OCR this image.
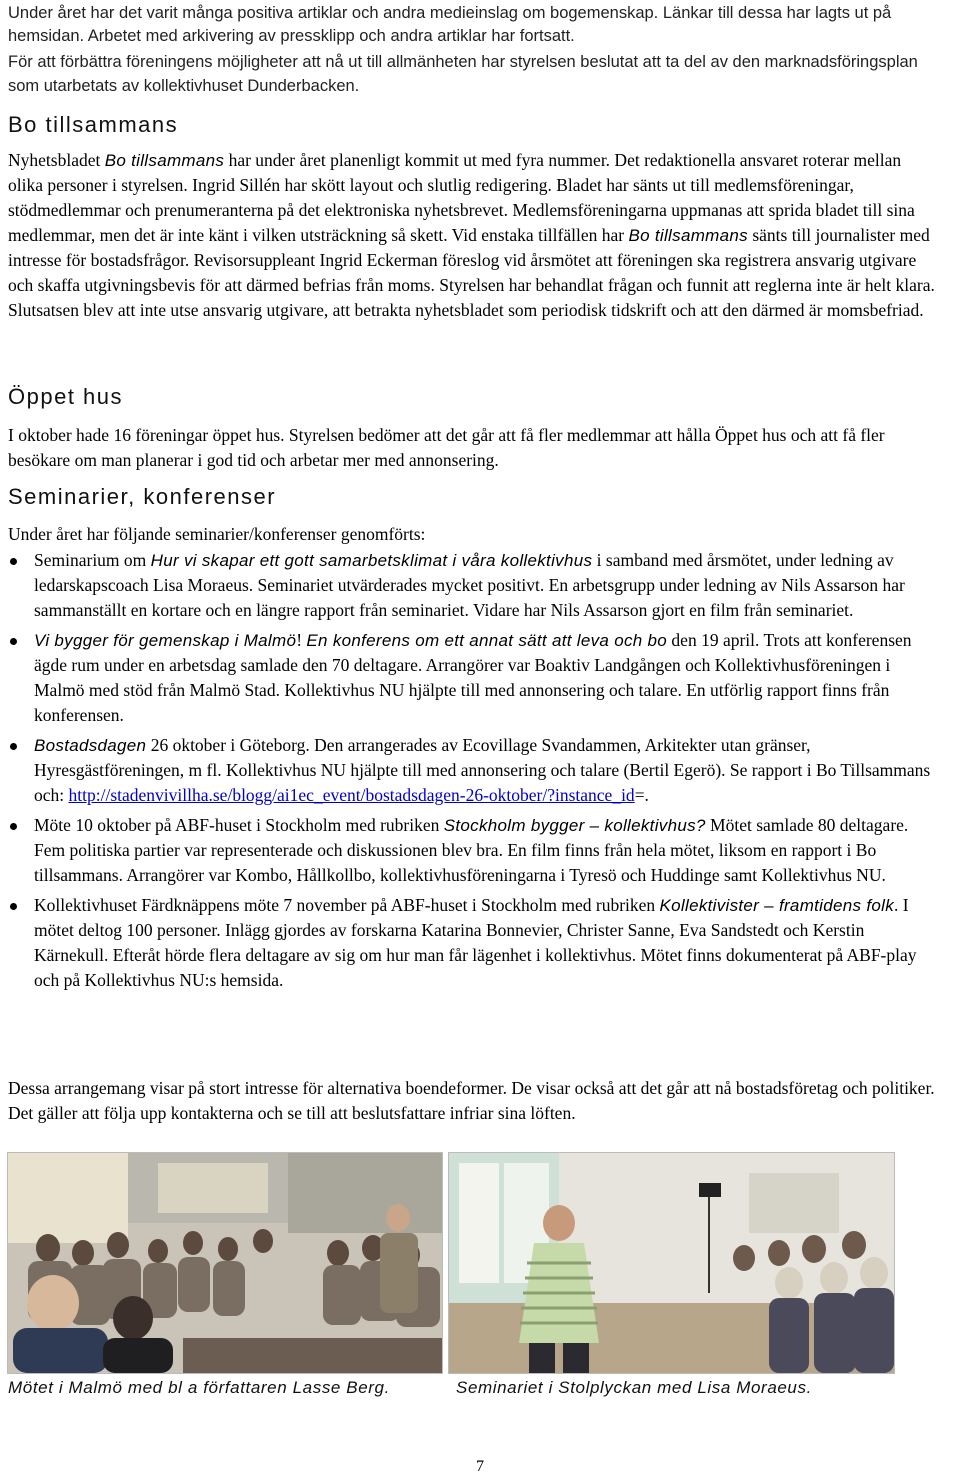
Under året har det varit många positiva artiklar och andra medieinslag om bogemenskap. Länkar till dessa har lagts ut på hemsidan. Arbetet med arkivering av pressklipp och andra artiklar har fortsatt.

För att förbättra föreningens möjligheter att nå ut till allmänheten har styrelsen beslutat att ta del av den marknadsföringsplan som utarbetats av kollektivhuset Dunderbacken.

Bo tillsammans

Nyhetsbladet Bo tillsammans har under året planenligt kommit ut med fyra nummer. Det redaktionella ansvaret roterar mellan olika personer i styrelsen. Ingrid Sillén har skött layout och slutlig redigering. Bladet har sänts ut till medlemsföreningar, stödmedlemmar och prenumeranterna på det elektroniska nyhetsbrevet. Medlemsföreningarna uppmanas att sprida bladet till sina medlemmar, men det är inte känt i vilken utsträckning så skett. Vid enstaka tillfällen har Bo tillsammans sänts till journalister med intresse för bostadsfrågor. Revisorsuppleant Ingrid Eckerman föreslog vid årsmötet att föreningen ska registrera ansvarig utgivare och skaffa utgivningsbevis för att därmed befrias från moms. Styrelsen har behandlat frågan och funnit att reglerna inte är helt klara. Slutsatsen blev att inte utse ansvarig utgivare, att betrakta nyhetsbladet som periodisk tidskrift och att den därmed är momsbefriad.

Öppet hus

I oktober hade 16 föreningar öppet hus. Styrelsen bedömer att det går att få fler medlemmar att hålla Öppet hus och att få fler besökare om man planerar i god tid och arbetar mer med annonsering.

Seminarier, konferenser

Under året har följande seminarier/konferenser genomförts:

Seminarium om Hur vi skapar ett gott samarbetsklimat i våra kollektivhus i samband med årsmötet, under ledning av ledarskapscoach Lisa Moraeus. Seminariet utvärderades mycket positivt. En arbetsgrupp under ledning av Nils Assarson har sammanställt en kortare och en längre rapport från seminariet. Vidare har Nils Assarson gjort en film från seminariet.
Vi bygger för gemenskap i Malmö! En konferens om ett annat sätt att leva och bo den 19 april. Trots att konferensen ägde rum under en arbetsdag samlade den 70 deltagare. Arrangörer var Boaktiv Landgången och Kollektivhusföreningen i Malmö med stöd från Malmö Stad. Kollektivhus NU hjälpte till med annonsering och talare. En utförlig rapport finns från konferensen.
Bostadsdagen 26 oktober i Göteborg. Den arrangerades av Ecovillage Svandammen, Arkitekter utan gränser, Hyresgästföreningen, m fl. Kollektivhus NU hjälpte till med annonsering och talare (Bertil Egerö). Se rapport i Bo Tillsammans och: http://stadenvivillha.se/blogg/ai1ec_event/bostadsdagen-26-oktober/?instance_id=.
Möte 10 oktober på ABF-huset i Stockholm med rubriken Stockholm bygger – kollektivhus? Mötet samlade 80 deltagare. Fem politiska partier var representerade och diskussionen blev bra. En film finns från hela mötet, liksom en rapport i Bo tillsammans. Arrangörer var Kombo, Hållkollbo, kollektivhusföreningarna i Tyresö och Huddinge samt Kollektivhus NU.
Kollektivhuset Färdknäppens möte 7 november på ABF-huset i Stockholm med rubriken Kollektivister – framtidens folk. I mötet deltog 100 personer. Inlägg gjordes av forskarna Katarina Bonnevier, Christer Sanne, Eva Sandstedt och Kerstin Kärnekull. Efteråt hörde flera deltagare av sig om hur man får lägenhet i kollektivhus. Mötet finns dokumenterat på ABF-play och på Kollektivhus NU:s hemsida.

Dessa arrangemang visar på stort intresse för alternativa boendeformer. De visar också att det går att nå bostadsföretag och politiker. Det gäller att följa upp kontakterna och se till att beslutsfattare infriar sina löften.

Mötet i Malmö med bl a författaren Lasse Berg.	Seminariet i Stolplyckan med Lisa Moraeus.
7
